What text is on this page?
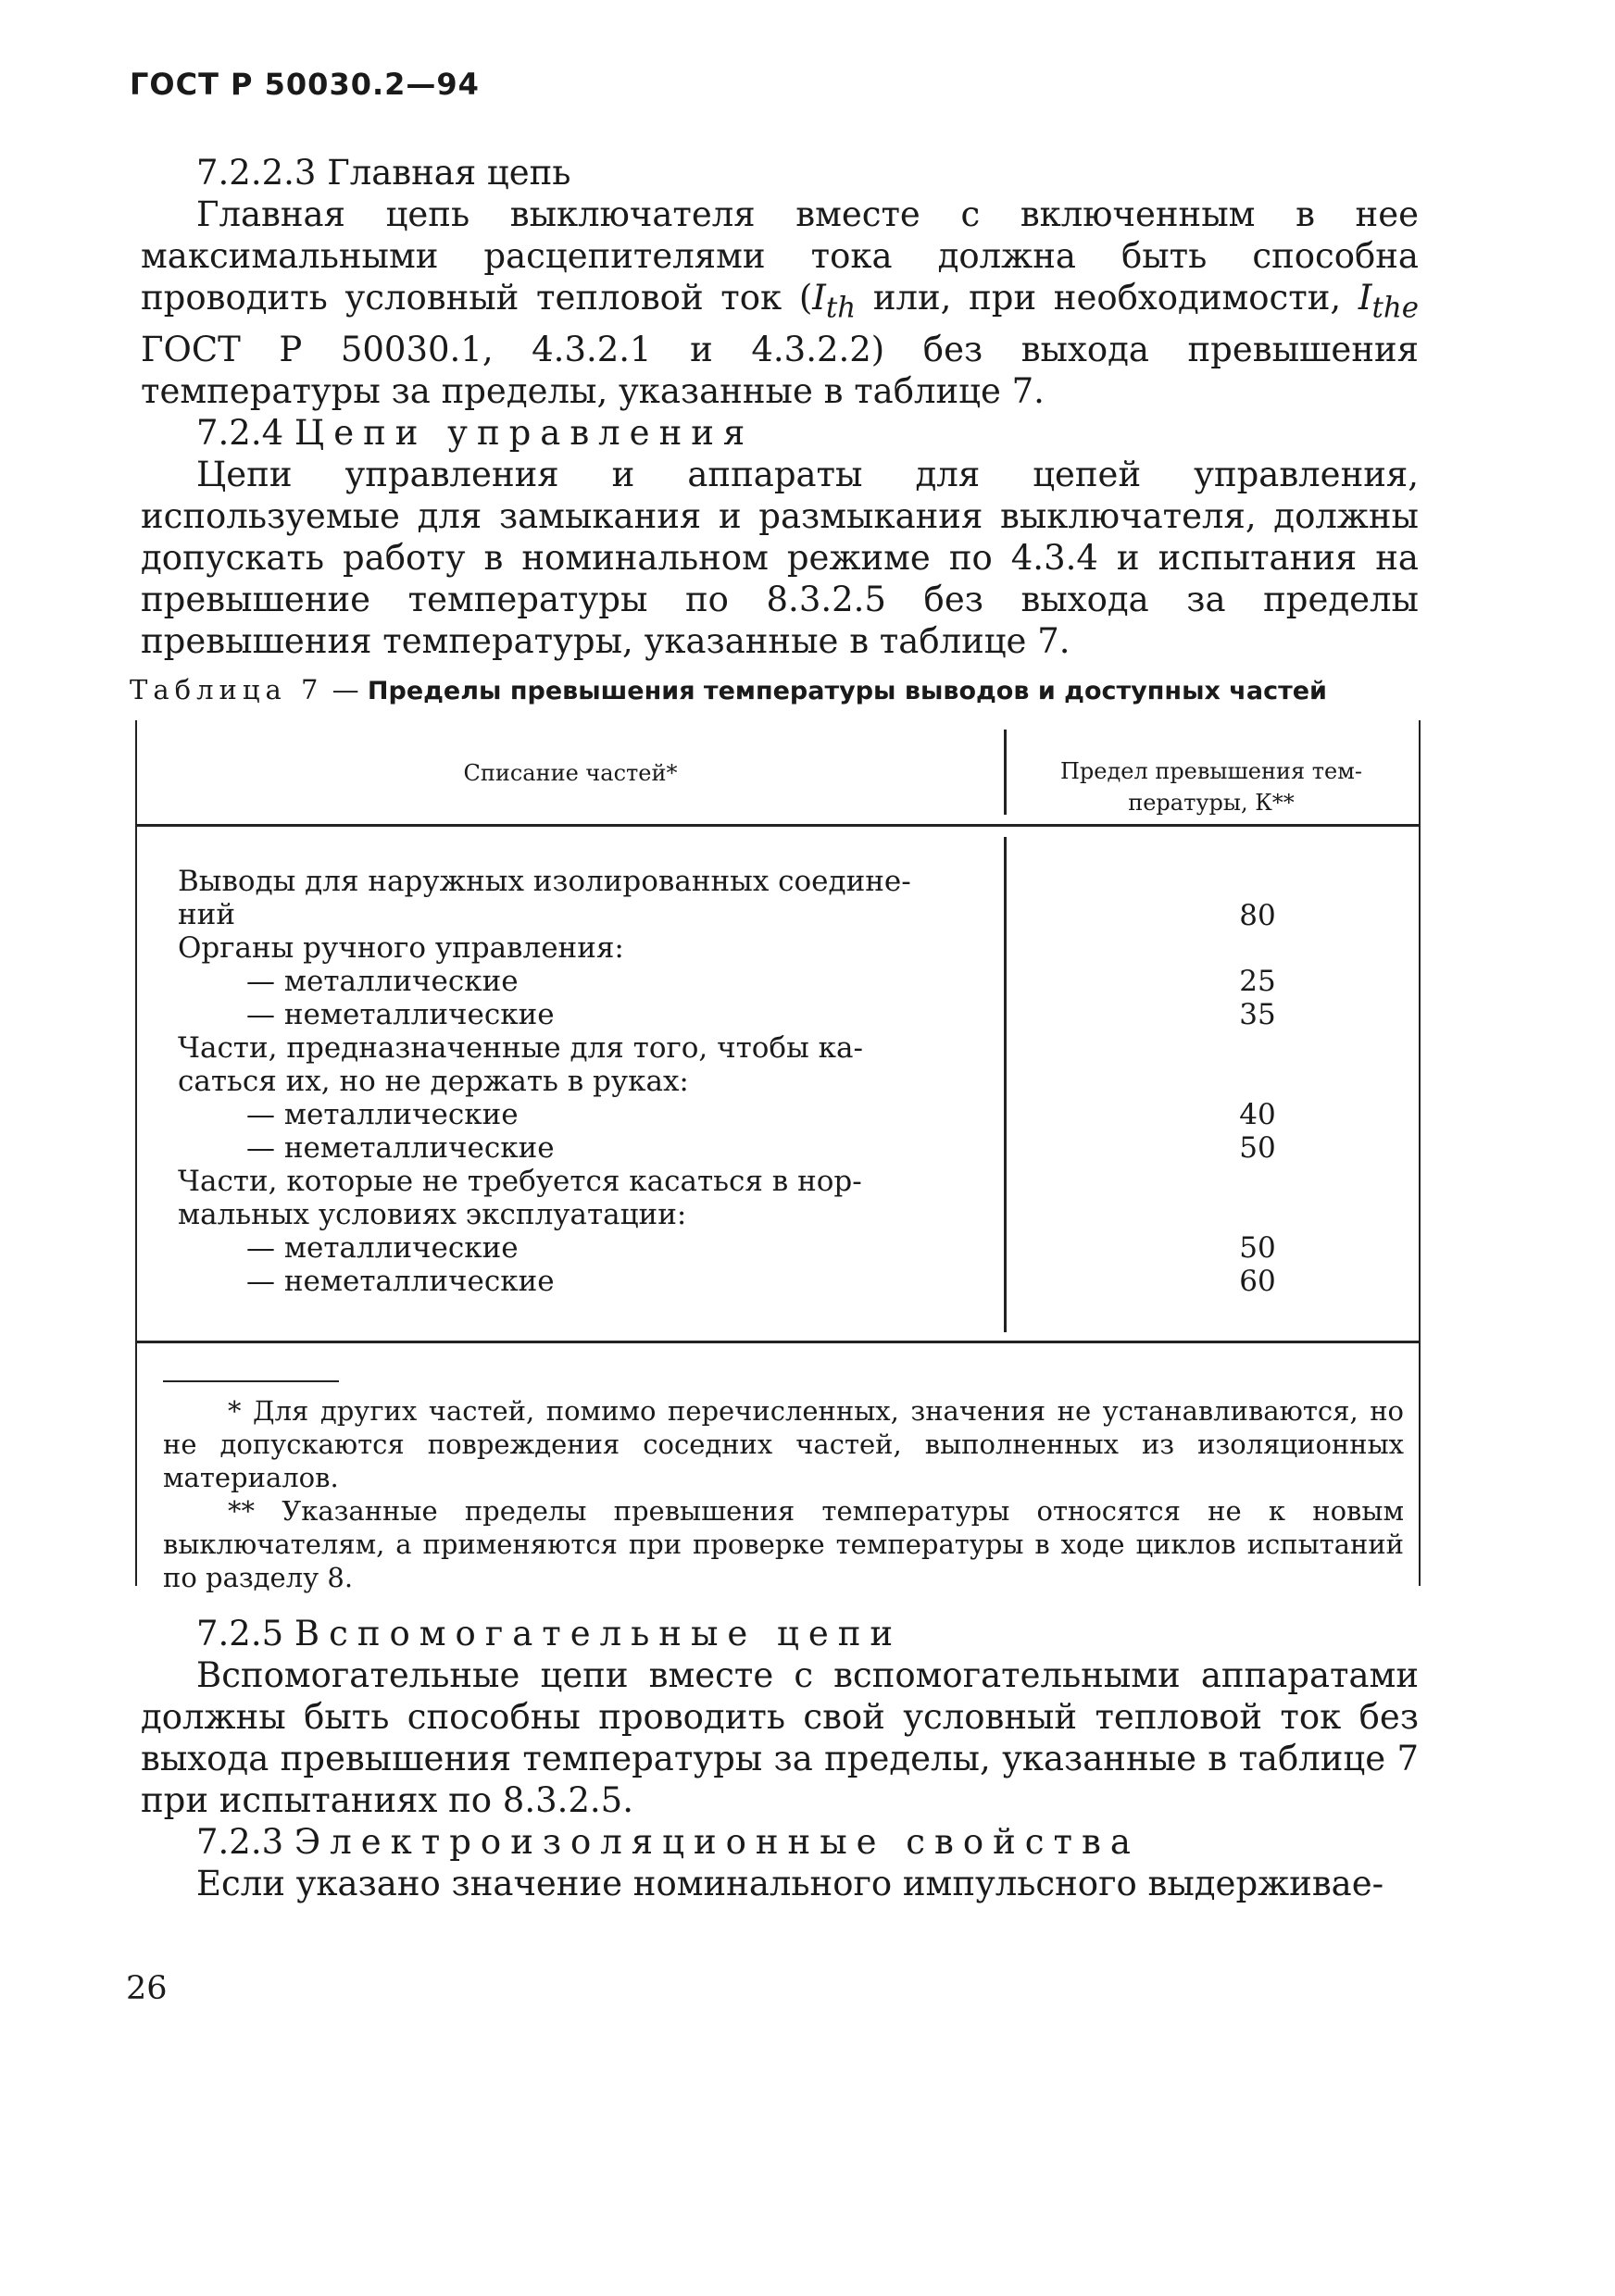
ГОСТ Р 50030.2—94

7.2.2.3 Главная цепь

Главная цепь выключателя вместе с включенным в нее максимальными расцепителями тока должна быть способна проводить условный тепловой ток ($I_{th}$ или, при необходимости, $I_{the}$ ГОСТ Р 50030.1, 4.3.2.1 и 4.3.2.2) без выхода превышения температуры за пределы, указанные в таблице 7.

7.2.4 Цепи управления

Цепи управления и аппараты для цепей управления, используемые для замыкания и размыкания выключателя, должны допускать работу в номинальном режиме по 4.3.4 и испытания на превышение температуры по 8.3.2.5 без выхода за пределы превышения температуры, указанные в таблице 7.

Таблица 7 — Пределы превышения температуры выводов и доступных частей
Списание частей*	Предел превышения тем-
пературы, К**
Выводы для наружных изолированных соедине-
ний	80
Органы ручного управления:
— металлические	25
— неметаллические	35
Части, предназначенные для того, чтобы ка-
саться их, но не держать в руках:
— металлические	40
— неметаллические	50
Части, которые не требуется касаться в нор-
мальных условиях эксплуатации:
— металлические	50
— неметаллические	60

* Для других частей, помимо перечисленных, значения не устанавливаются, но не допускаются повреждения соседних частей, выполненных из изоляционных материалов.

** Указанные пределы превышения температуры относятся не к новым выключателям, а применяются при проверке температуры в ходе циклов испытаний по разделу 8.

7.2.5 Вспомогательные цепи

Вспомогательные цепи вместе с вспомогательными аппаратами должны быть способны проводить свой условный тепловой ток без выхода превышения температуры за пределы, указанные в таблице 7 при испытаниях по 8.3.2.5.

7.2.3 Электроизоляционные свойства

Если указано значение номинального импульсного выдерживае-

26
